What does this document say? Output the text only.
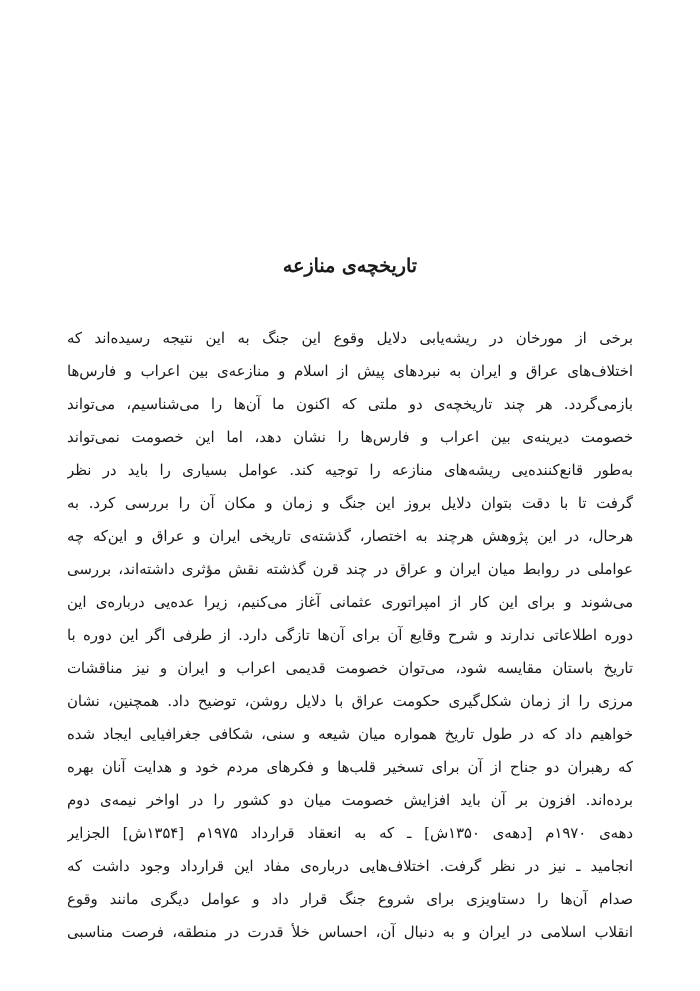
تاریخچه‌ی منازعه
برخی از مورخان در ریشه‌یابی دلایل وقوع این جنگ به این نتیجه رسیده‌اند که
اختلاف‌های عراق و ایران به نبردهای پیش از اسلام و منازعه‌ی بین اعراب و فارس‌ها
بازمی‌گردد. هر چند تاریخچه‌ی دو ملتی که اکنون ما آن‌ها را می‌شناسیم، می‌تواند
خصومت دیرینه‌ی بین اعراب و فارس‌ها را نشان دهد، اما این خصومت نمی‌تواند
به‌طور قانع‌کننده‌یی ریشه‌های منازعه را توجیه کند. عوامل بسیاری را باید در نظر
گرفت تا با دقت بتوان دلایل بروز این جنگ و زمان و مکان آن را بررسی کرد. به
هرحال، در این پژوهش هرچند به اختصار، گذشته‌ی تاریخی ایران و عراق و این‌که چه
عواملی در روابط میان ایران و عراق در چند قرن گذشته نقش مؤثری داشته‌اند، بررسی
می‌شوند و برای این کار از امپراتوری عثمانی آغاز می‌کنیم، زیرا عده‌یی درباره‌ی این
دوره اطلاعاتی ندارند و شرح وقایع آن برای آن‌ها تازگی دارد. از طرفی اگر این دوره با
تاریخ باستان مقایسه شود، می‌توان خصومت قدیمی اعراب و ایران و نیز مناقشات
مرزی را از زمان شکل‌گیری حکومت عراق با دلایل روشن، توضیح داد. همچنین، نشان
خواهیم داد که در طول تاریخ همواره میان شیعه و سنی، شکافی جغرافیایی ایجاد شده
که رهبران دو جناح از آن برای تسخیر قلب‌ها و فکرهای مردم خود و هدایت آنان بهره
برده‌اند. افزون بر آن باید افزایش خصومت میان دو کشور را در اواخر نیمه‌ی دوم
دهه‌ی ۱۹۷۰م [دهه‌ی ۱۳۵۰ش] ـ که به انعقاد قرارداد ۱۹۷۵م [۱۳۵۴ش] الجزایر
انجامید ـ نیز در نظر گرفت. اختلاف‌هایی درباره‌ی مفاد این قرارداد وجود داشت که
صدام آن‌ها را دستاویزی برای شروع جنگ قرار داد و عوامل دیگری مانند وقوع
انقلاب اسلامی در ایران و به دنبال آن، احساس خلأ قدرت در منطقه، فرصت مناسبی
